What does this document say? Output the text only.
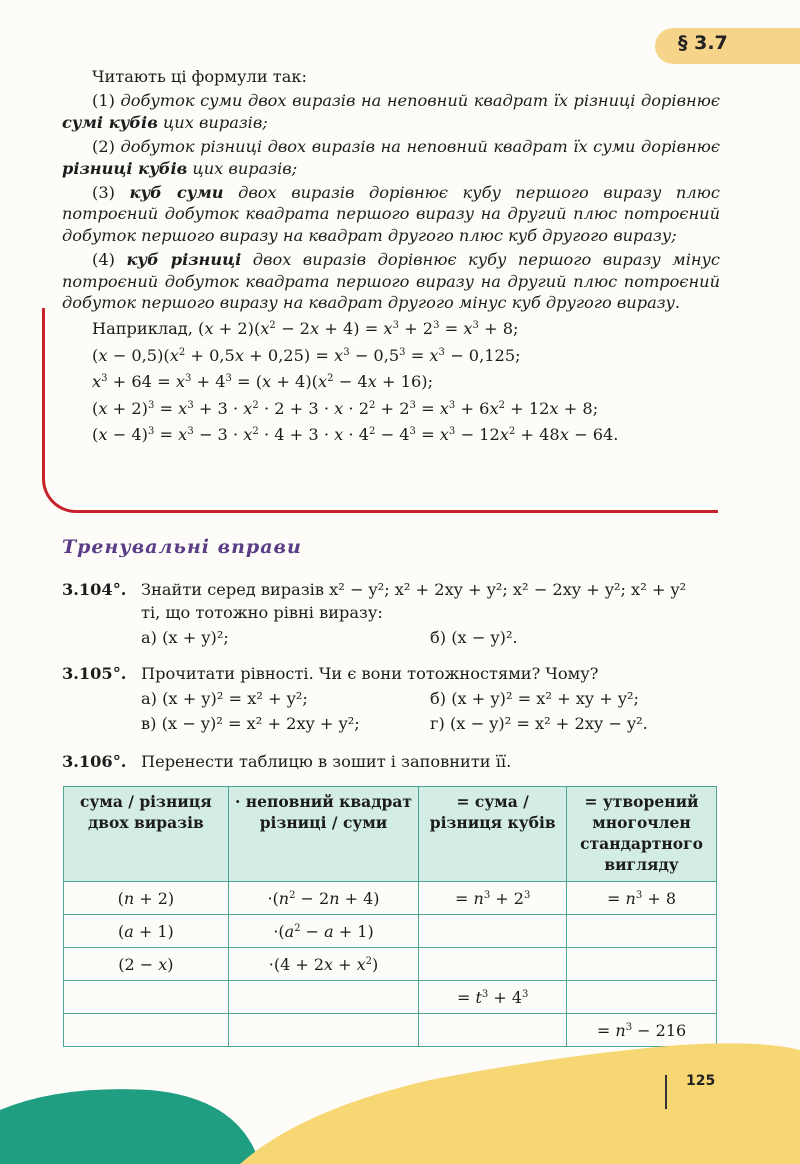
§ 3.7

Читають ці формули так:

(1) добуток суми двох виразів на неповний квадрат їх різниці дорівнює сумі кубів цих виразів;

(2) добуток різниці двох виразів на неповний квадрат їх суми дорівнює різниці кубів цих виразів;

(3) куб суми двох виразів дорівнює кубу першого виразу плюс потроєний добуток квадрата першого виразу на другий плюс потроєний добуток першого виразу на квадрат другого плюс куб другого виразу;

(4) куб різниці двох виразів дорівнює кубу першого виразу мінус потроєний добуток квадрата першого виразу на другий плюс потроєний добуток першого виразу на квадрат другого мінус куб другого виразу.

Наприклад, $(x + 2)(x^2 - 2x + 4) = x^3 + 2^3 = x^3 + 8$;
$(x - 0,5)(x^2 + 0,5x + 0,25) = x^3 - 0,5^3 = x^3 - 0,125$;
$x^3 + 64 = x^3 + 4^3 = (x + 4)(x^2 - 4x + 16)$;
$(x + 2)^3 = x^3 + 3 \cdot x^2 \cdot 2 + 3 \cdot x \cdot 2^2 + 2^3 = x^3 + 6x^2 + 12x + 8$;
$(x - 4)^3 = x^3 - 3 \cdot x^2 \cdot 4 + 3 \cdot x \cdot 4^2 - 4^3 = x^3 - 12x^2 + 48x - 64$.
Тренувальні вправи
3.104°. Знайти серед виразів x² − y²; x² + 2xy + y²; x² − 2xy + y²; x² + y²
ті, що тотожно рівні виразу:
а) (x + y)²;	б) (x − y)².
3.105°. Прочитати рівності. Чи є вони тотожностями? Чому?
а) (x + y)² = x² + y²;	б) (x + y)² = x² + xy + y²;
в) (x − y)² = x² + 2xy + y²;	г) (x − y)² = x² + 2xy − y².
3.106°. Перенести таблицю в зошит і заповнити її.
сума / різниця двох виразів	· неповний квадрат різниці / суми	= сума / різниця кубів	= утворений многочлен стандартного вигляду
(n + 2)	$\cdot(n^2 - 2n + 4)$	= $n^3 + 2^3$	= $n^3 + 8$
(a + 1)	$\cdot(a^2 - a + 1)$		
(2 − x)	$\cdot(4 + 2x + x^2)$		
		= $t^3 + 4^3$	
			= $n^3 - 216$
125
